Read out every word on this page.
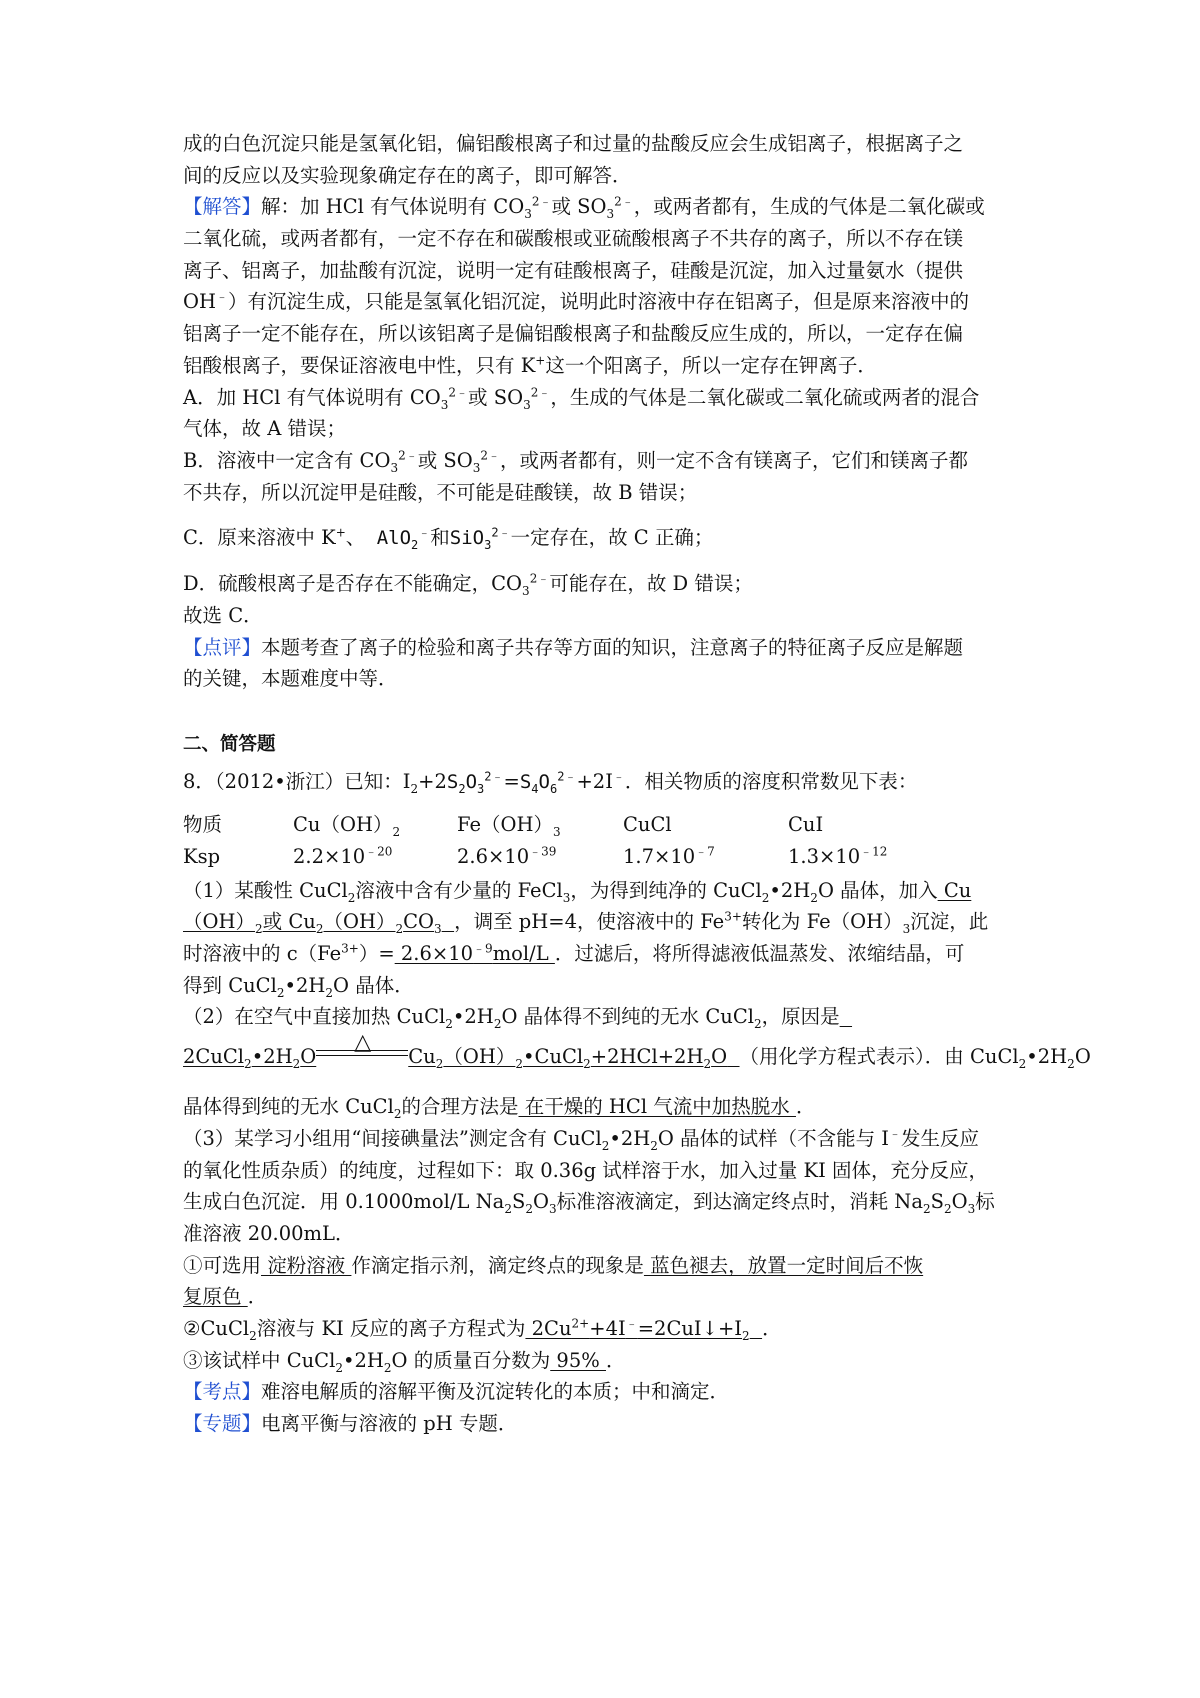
成的白色沉淀只能是氢氧化铝，偏铝酸根离子和过量的盐酸反应会生成铝离子，根据离子之
间的反应以及实验现象确定存在的离子，即可解答．
【解答】解：加 HCl 有气体说明有 $CO_3^{2﹣}$或 $SO_3^{2﹣}$，或两者都有，生成的气体是二氧化碳或
二氧化硫，或两者都有，一定不存在和碳酸根或亚硫酸根离子不共存的离子，所以不存在镁
离子、铝离子，加盐酸有沉淀，说明一定有硅酸根离子，硅酸是沉淀，加入过量氨水（提供
OH﹣）有沉淀生成，只能是氢氧化铝沉淀，说明此时溶液中存在铝离子，但是原来溶液中的
铝离子一定不能存在，所以该铝离子是偏铝酸根离子和盐酸反应生成的，所以，一定存在偏
铝酸根离子，要保证溶液电中性，只有 K+这一个阳离子，所以一定存在钾离子．
A．加 HCl 有气体说明有 $CO_3^{2﹣}$或 $SO_3^{2﹣}$，生成的气体是二氧化碳或二氧化硫或两者的混合
气体，故 A 错误；
B．溶液中一定含有 $CO_3^{2﹣}$或 $SO_3^{2﹣}$，或两者都有，则一定不含有镁离子，它们和镁离子都
不共存，所以沉淀甲是硅酸，不可能是硅酸镁，故 B 错误；
C．原来溶液中 K+、 AlO$_2$﹣和SiO$_3^{2﹣}$一定存在，故 C 正确；
D．硫酸根离子是否存在不能确定，$CO_3^{2﹣}$可能存在，故 D 错误；
故选 C．
【点评】本题考查了离子的检验和离子共存等方面的知识，注意离子的特征离子反应是解题
的关键，本题难度中等．
二、简答题
8．（2012•浙江）已知：$I_2+2S_2O_3^{2﹣}=S_4O_6^{2﹣}+2I^﹣$．相关物质的溶度积常数见下表：
物质	$Cu(OH)_2$	$Fe(OH)_3$	CuCl	CuI
Ksp	$2.2\times 10^{﹣20}$	$2.6\times 10^{﹣39}$	$1.7\times 10^{﹣7}$	$1.3\times 10^{﹣12}$
（1）某酸性 CuCl$_2$溶液中含有少量的 FeCl$_3$，为得到纯净的 $CuCl_2•2H_2O$ 晶体，加入 Cu
$(OH)_2$或 $Cu_2(OH)_2CO_3$ ，调至 pH=4，使溶液中的 $Fe^{3+}$转化为 $Fe(OH)_3$沉淀，此
时溶液中的 $c(Fe^{3+})= 2.6\times 10^{﹣9}mol/L$ ．过滤后，将所得滤液低温蒸发、浓缩结晶，可
得到 $CuCl_2•2H_2O$ 晶体．
（2）在空气中直接加热 $CuCl_2•2H_2O$ 晶体得不到纯的无水 CuCl$_2$，原因是
$2CuCl_2•2H_2O$
△
$Cu_2(OH)_2•CuCl_2+2HCl+2H_2O$ （用化学方程式表示）．由 $CuCl_2•2H_2O$
晶体得到纯的无水 CuCl$_2$的合理方法是 在干燥的 HCl 气流中加热脱水 ．
（3）某学习小组用“间接碘量法”测定含有 $CuCl_2•2H_2O$ 晶体的试样（不含能与 I﹣发生反应
的氧化性质杂质）的纯度，过程如下：取 0.36g 试样溶于水，加入过量 KI 固体，充分反应，
生成白色沉淀．用 0.1000mol/L $Na_2S_2O_3$标准溶液滴定，到达滴定终点时，消耗 $Na_2S_2O_3$标
准溶液 20.00mL．
①可选用 淀粉溶液 作滴定指示剂，滴定终点的现象是 蓝色褪去，放置一定时间后不恢
复原色 ．
②CuCl$_2$溶液与 KI 反应的离子方程式为 $2Cu^{2+}+4I^﹣=2CuI↓+I_2$ ．
③该试样中 $CuCl_2•2H_2O$ 的质量百分数为 95% ．
【考点】难溶电解质的溶解平衡及沉淀转化的本质；中和滴定．
【专题】电离平衡与溶液的 pH 专题．
